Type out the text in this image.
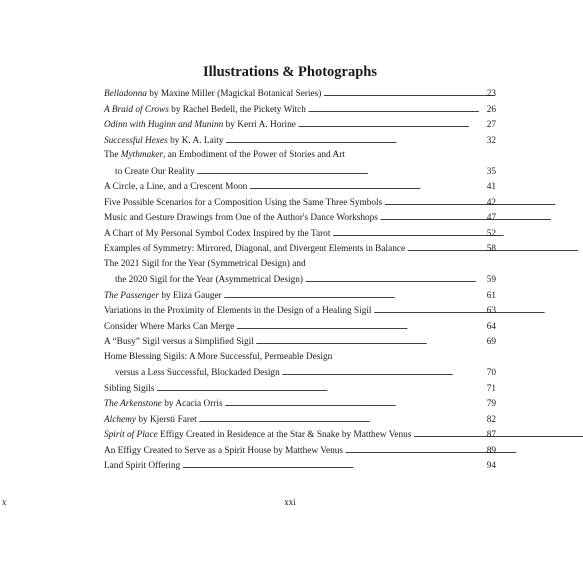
Illustrations & Photographs
Belladonna by Maxine Miller (Magickal Botanical Series) . . .	23
A Braid of Crows by Rachel Bedell, the Pickety Witch . . .	26
Odinn with Huginn and Muninn by Kerri A. Horine . . .	27
Successful Hexes by K. A. Laity . . .	32
The Mythmaker, an Embodiment of the Power of Stories and Art
to Create Our Reality . . .	35
A Circle, a Line, and a Crescent Moon . . .	41
Five Possible Scenarios for a Composition Using the Same Three Symbols . . .	42
Music and Gesture Drawings from One of the Author's Dance Workshops . . .	47
A Chart of My Personal Symbol Codex Inspired by the Tarot . . .	52
Examples of Symmetry: Mirrored, Diagonal, and Divergent Elements in Balance . . .	58
The 2021 Sigil for the Year (Symmetrical Design) and
the 2020 Sigil for the Year (Asymmetrical Design) . . .	59
The Passenger by Eliza Gauger . . .	61
Variations in the Proximity of Elements in the Design of a Healing Sigil . . .	63
Consider Where Marks Can Merge . . .	64
A “Busy” Sigil versus a Simplified Sigil . . .	69
Home Blessing Sigils: A More Successful, Permeable Design
versus a Less Successful, Blockaded Design . . .	70
Sibling Sigils . . .	71
The Arkenstone by Acacia Orris . . .	79
Alchemy by Kjersti Faret . . .	82
Spirit of Place Effigy Created in Residence at the Star & Snake by Matthew Venus . . .	87
An Effigy Created to Serve as a Spirit House by Matthew Venus . . .	89
Land Spirit Offering . . .	94
x	xxi
